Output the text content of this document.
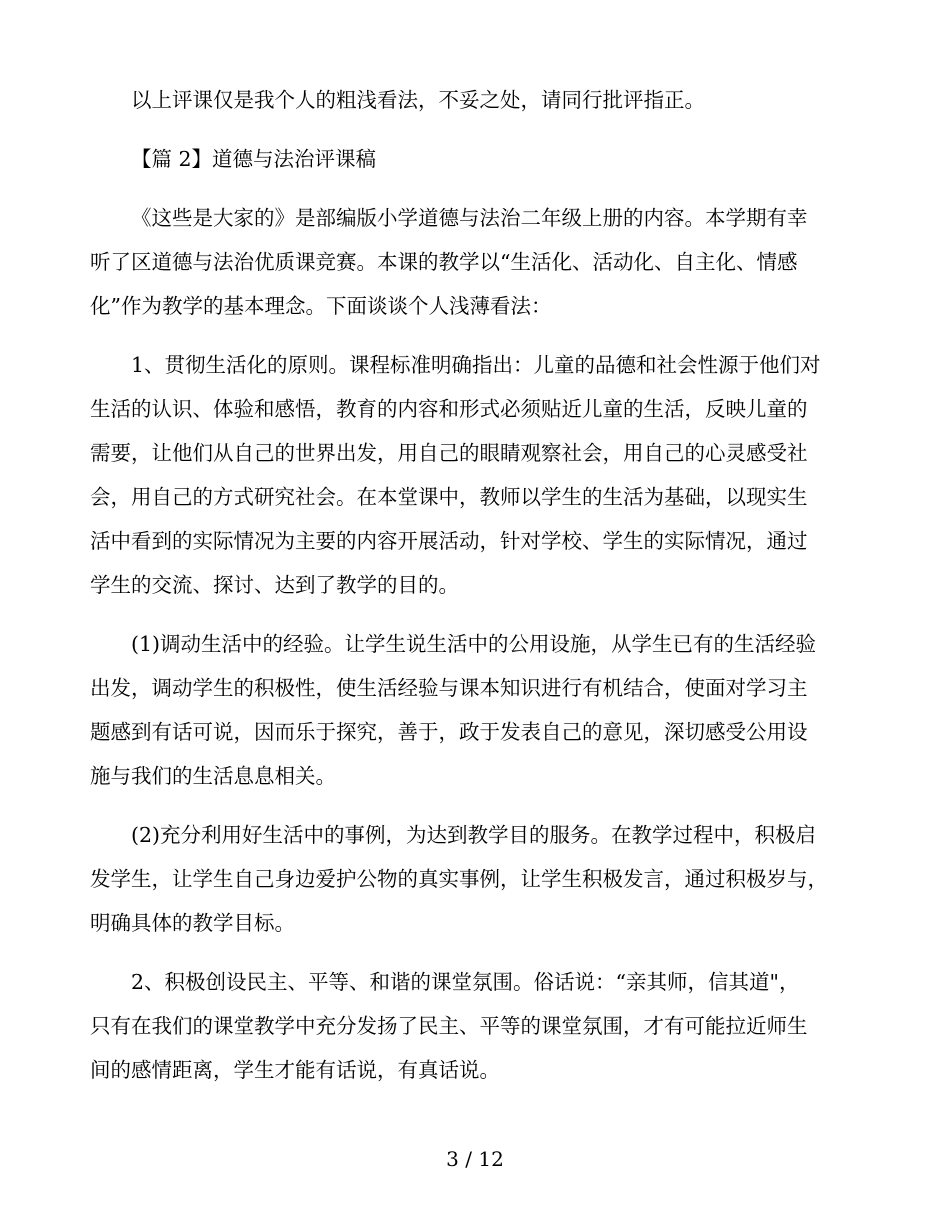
以上评课仅是我个人的粗浅看法，不妥之处，请同行批评指正。
【篇 2】道德与法治评课稿
《这些是大家的》是部编版小学道德与法治二年级上册的内容。本学期有幸
听了区道德与法治优质课竞赛。本课的教学以“生活化、活动化、自主化、情感
化”作为教学的基本理念。下面谈谈个人浅薄看法：
1、贯彻生活化的原则。课程标准明确指出：儿童的品德和社会性源于他们对
生活的认识、体验和感悟，教育的内容和形式必须贴近儿童的生活，反映儿童的
需要，让他们从自己的世界出发，用自己的眼睛观察社会，用自己的心灵感受社
会，用自己的方式研究社会。在本堂课中，教师以学生的生活为基础，以现实生
活中看到的实际情况为主要的内容开展活动，针对学校、学生的实际情况，通过
学生的交流、探讨、达到了教学的目的。
(1)调动生活中的经验。让学生说生活中的公用设施，从学生已有的生活经验
出发，调动学生的积极性，使生活经验与课本知识进行有机结合，使面对学习主
题感到有话可说，因而乐于探究，善于，政于发表自己的意见，深切感受公用设
施与我们的生活息息相关。
(2)充分利用好生活中的事例，为达到教学目的服务。在教学过程中，积极启
发学生，让学生自己身边爱护公物的真实事例，让学生积极发言，通过积极岁与，
明确具体的教学目标。
2、积极创设民主、平等、和谐的课堂氛围。俗话说：“亲其师，信其道"，
只有在我们的课堂教学中充分发扬了民主、平等的课堂氛围，才有可能拉近师生
间的感情距离，学生才能有话说，有真话说。
3 / 12
